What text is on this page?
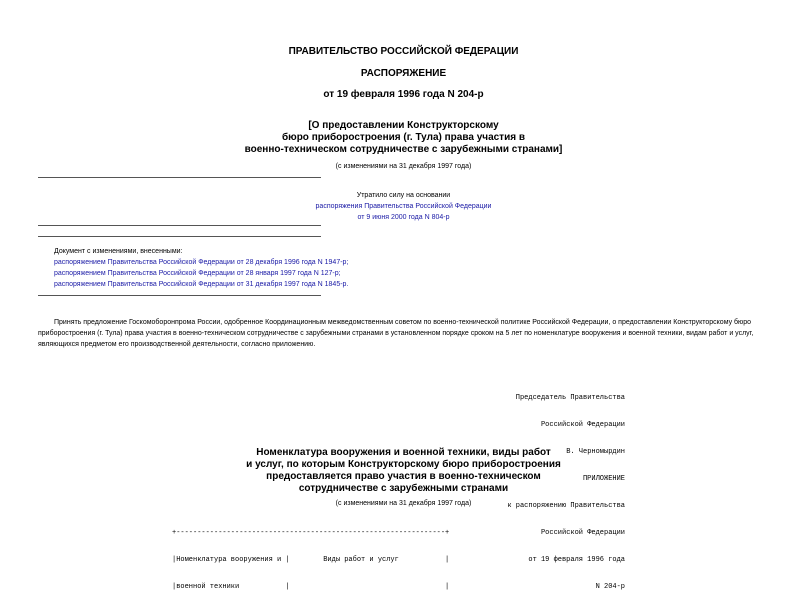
ПРАВИТЕЛЬСТВО РОССИЙСКОЙ ФЕДЕРАЦИИ
РАСПОРЯЖЕНИЕ
от 19 февраля 1996 года N 204-р
[О предоставлении Конструкторскому
бюро приборостроения (г. Тула) права участия в
военно-техническом сотрудничестве с зарубежными странами]
(с изменениями на 31 декабря 1997 года)
Утратило силу на основании
распоряжения Правительства Российской Федерации
от 9 июня 2000 года N 804-р
Документ с изменениями, внесенными:
распоряжением Правительства Российской Федерации от 28 декабря 1996 года N 1947-р;
распоряжением Правительства Российской Федерации от 28 января 1997 года N 127-р;
распоряжением Правительства Российской Федерации от 31 декабря 1997 года N 1845-р.
Принять предложение Госкомоборонпрома России, одобренное Координационным межведомственным советом по военно-технической политике Российской Федерации, о предоставлении Конструкторскому бюро приборостроения (г. Тула) права участия в военно-техническом сотрудничестве с зарубежными странами в установленном порядке сроком на 5 лет по номенклатуре вооружения и военной техники, видам работ и услуг, являющихся предметом его производственной деятельности, согласно приложению.

Председатель Правительства

Российской Федерации

В. Черномырдин

ПРИЛОЖЕНИЕ

к распоряжению Правительства

Российской Федерации

от 19 февраля 1996 года

N 204-р

Номенклатура вооружения и военной техники, виды работ
и услуг, по которым Конструкторскому бюро приборостроения
предоставляется право участия в военно-техническом
сотрудничестве с зарубежными странами
(с изменениями на 31 декабря 1997 года)

+----------------------------------------------------------------+

|Номенклатура вооружения и |        Виды работ и услуг           |

|военной техники           |                                     |
